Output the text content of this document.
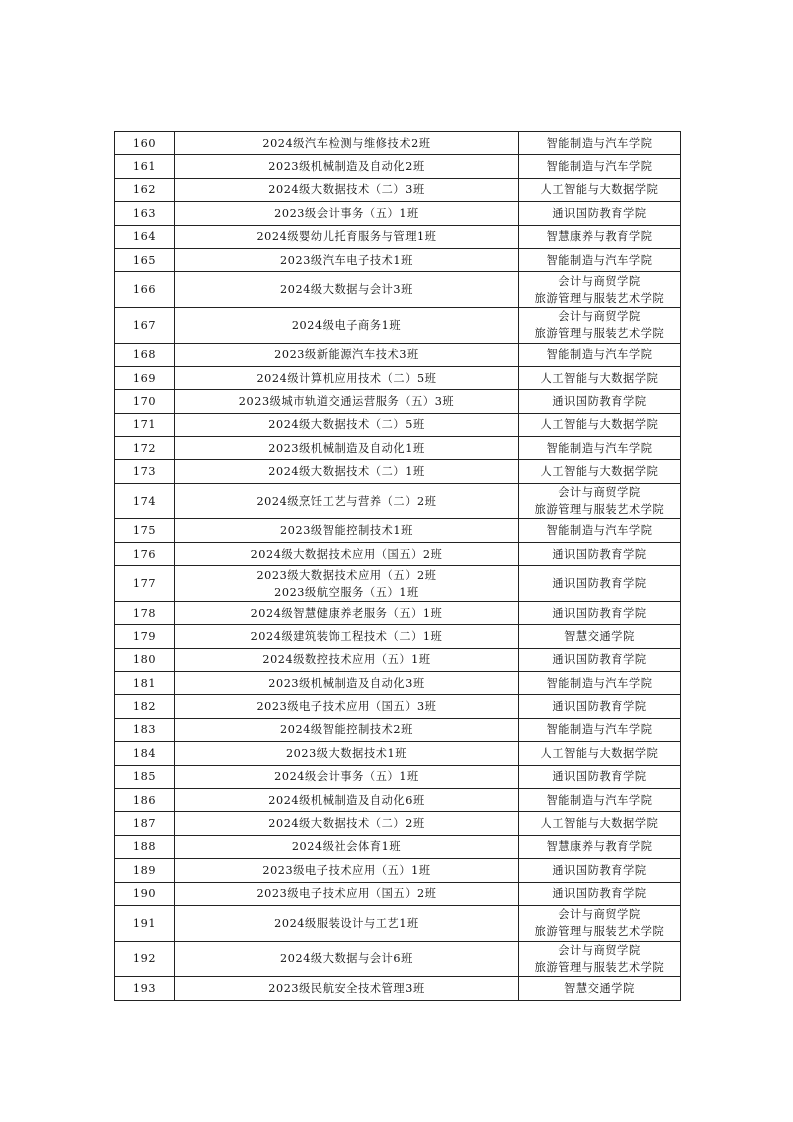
160	2024级汽车检测与维修技术2班	智能制造与汽车学院

161	2023级机械制造及自动化2班	智能制造与汽车学院

162	2024级大数据技术（二）3班	人工智能与大数据学院

163	2023级会计事务（五）1班	通识国防教育学院

164	2024级婴幼儿托育服务与管理1班	智慧康养与教育学院

165	2023级汽车电子技术1班	智能制造与汽车学院

166	2024级大数据与会计3班	会计与商贸学院
旅游管理与服装艺术学院

167	2024级电子商务1班	会计与商贸学院
旅游管理与服装艺术学院

168	2023级新能源汽车技术3班	智能制造与汽车学院

169	2024级计算机应用技术（二）5班	人工智能与大数据学院

170	2023级城市轨道交通运营服务（五）3班	通识国防教育学院

171	2024级大数据技术（二）5班	人工智能与大数据学院

172	2023级机械制造及自动化1班	智能制造与汽车学院

173	2024级大数据技术（二）1班	人工智能与大数据学院

174	2024级烹饪工艺与营养（二）2班	会计与商贸学院
旅游管理与服装艺术学院

175	2023级智能控制技术1班	智能制造与汽车学院

176	2024级大数据技术应用（国五）2班	通识国防教育学院

177	2023级大数据技术应用（五）2班
2023级航空服务（五）1班	通识国防教育学院

178	2024级智慧健康养老服务（五）1班	通识国防教育学院

179	2024级建筑装饰工程技术（二）1班	智慧交通学院

180	2024级数控技术应用（五）1班	通识国防教育学院

181	2023级机械制造及自动化3班	智能制造与汽车学院

182	2023级电子技术应用（国五）3班	通识国防教育学院

183	2024级智能控制技术2班	智能制造与汽车学院

184	2023级大数据技术1班	人工智能与大数据学院

185	2024级会计事务（五）1班	通识国防教育学院

186	2024级机械制造及自动化6班	智能制造与汽车学院

187	2024级大数据技术（二）2班	人工智能与大数据学院

188	2024级社会体育1班	智慧康养与教育学院

189	2023级电子技术应用（五）1班	通识国防教育学院

190	2023级电子技术应用（国五）2班	通识国防教育学院

191	2024级服装设计与工艺1班	会计与商贸学院
旅游管理与服装艺术学院

192	2024级大数据与会计6班	会计与商贸学院
旅游管理与服装艺术学院

193	2023级民航安全技术管理3班	智慧交通学院
